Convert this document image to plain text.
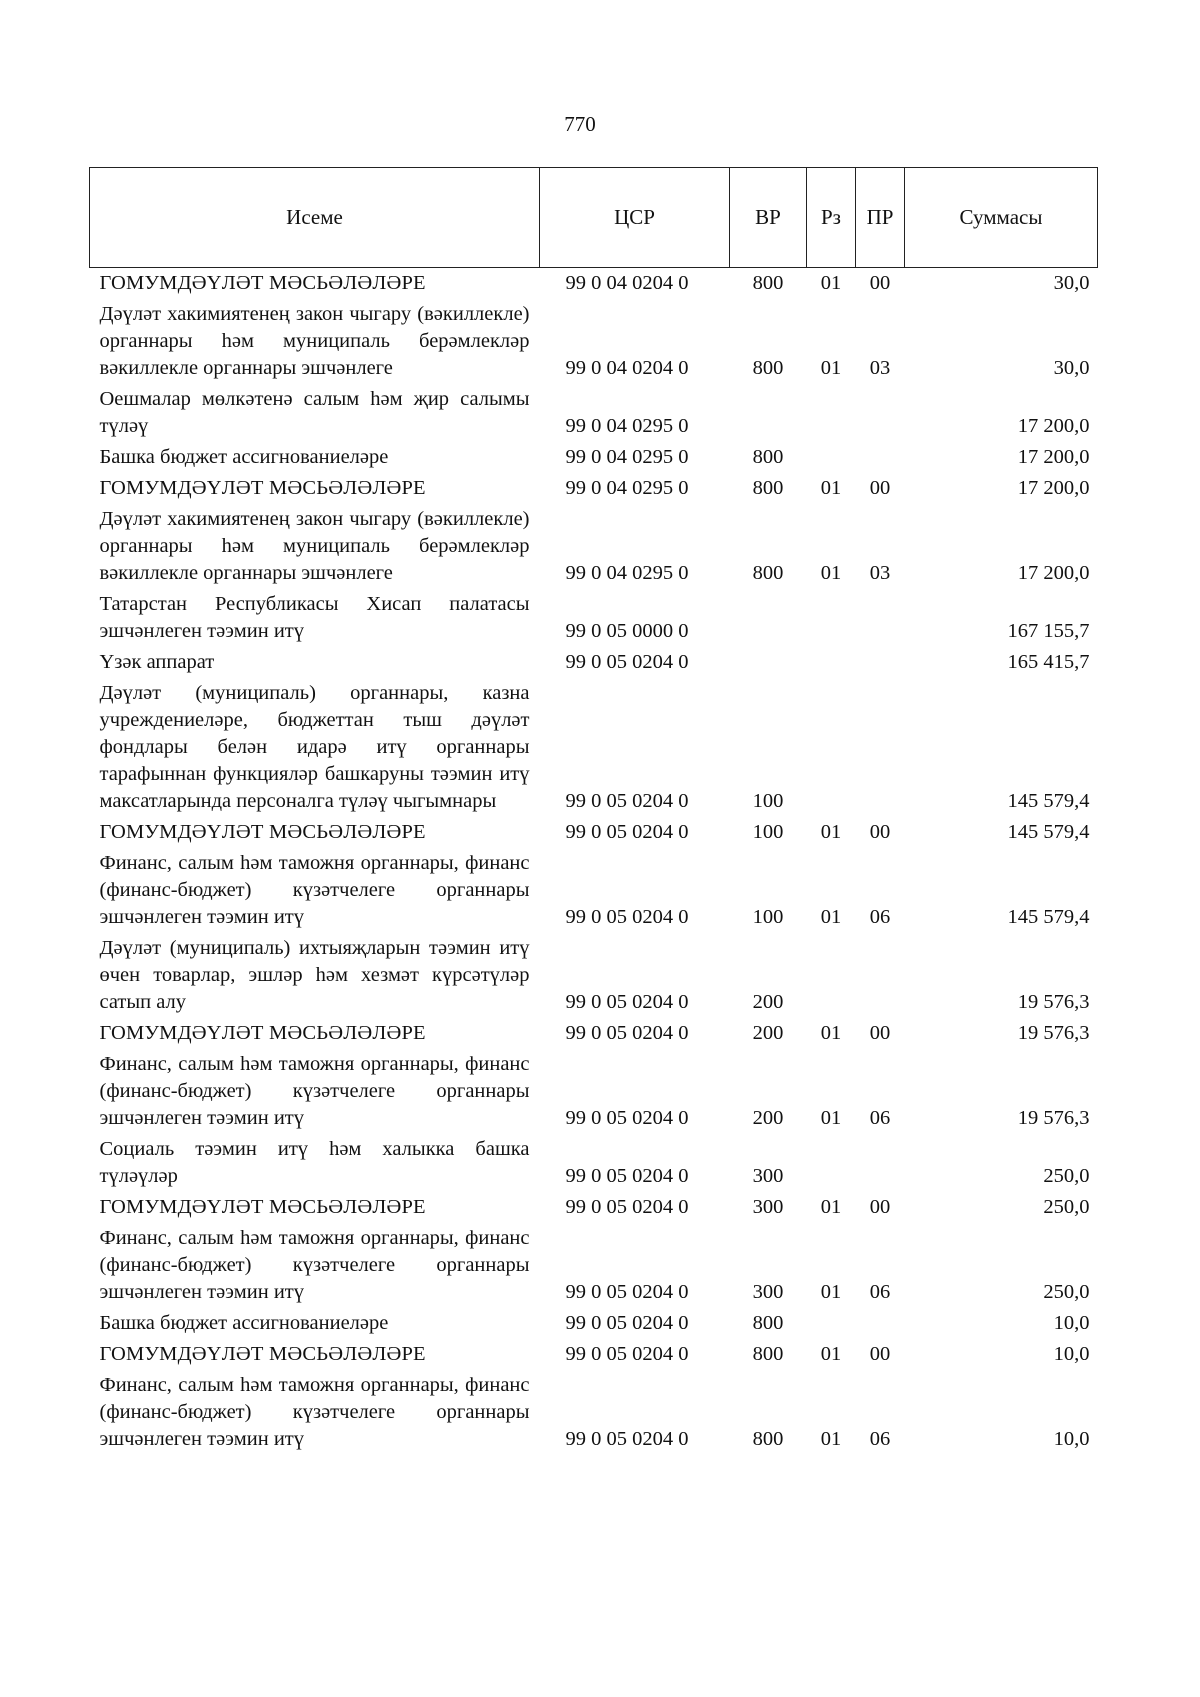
770
Исеме	ЦСР	ВР	Рз	ПР	Суммасы
ГОМУМДӘҮЛӘТ МӘСЬӘЛӘЛӘРЕ	99 0 04 0204 0	800	01	00	30,0
Дәүләт хакимиятенең закон чыгару (вәкиллекле) органнары һәм муниципаль берәмлекләр вәкиллекле органнары эшчәнлеге	99 0 04 0204 0	800	01	03	30,0
Оешмалар мөлкәтенә салым һәм җир салымы түләү	99 0 04 0295 0				17 200,0
Башка бюджет ассигнованиеләре	99 0 04 0295 0	800			17 200,0
ГОМУМДӘҮЛӘТ МӘСЬӘЛӘЛӘРЕ	99 0 04 0295 0	800	01	00	17 200,0
Дәүләт хакимиятенең закон чыгару (вәкиллекле) органнары һәм муниципаль берәмлекләр вәкиллекле органнары эшчәнлеге	99 0 04 0295 0	800	01	03	17 200,0
Татарстан Республикасы Хисап палатасы эшчәнлеген тәэмин итү	99 0 05 0000 0				167 155,7
Үзәк аппарат	99 0 05 0204 0				165 415,7
Дәүләт (муниципаль) органнары, казна учреждениеләре, бюджеттан тыш дәүләт фондлары белән идарә итү органнары тарафыннан функцияләр башкаруны тәэмин итү максатларында персоналга түләү чыгымнары	99 0 05 0204 0	100			145 579,4
ГОМУМДӘҮЛӘТ МӘСЬӘЛӘЛӘРЕ	99 0 05 0204 0	100	01	00	145 579,4
Финанс, салым һәм таможня органнары, финанс (финанс-бюджет) күзәтчелеге органнары эшчәнлеген тәэмин итү	99 0 05 0204 0	100	01	06	145 579,4
Дәүләт (муниципаль) ихтыяҗларын тәэмин итү өчен товарлар, эшләр һәм хезмәт күрсәтүләр сатып алу	99 0 05 0204 0	200			19 576,3
ГОМУМДӘҮЛӘТ МӘСЬӘЛӘЛӘРЕ	99 0 05 0204 0	200	01	00	19 576,3
Финанс, салым һәм таможня органнары, финанс (финанс-бюджет) күзәтчелеге органнары эшчәнлеген тәэмин итү	99 0 05 0204 0	200	01	06	19 576,3
Социаль тәэмин итү һәм халыкка башка түләүләр	99 0 05 0204 0	300			250,0
ГОМУМДӘҮЛӘТ МӘСЬӘЛӘЛӘРЕ	99 0 05 0204 0	300	01	00	250,0
Финанс, салым һәм таможня органнары, финанс (финанс-бюджет) күзәтчелеге органнары эшчәнлеген тәэмин итү	99 0 05 0204 0	300	01	06	250,0
Башка бюджет ассигнованиеләре	99 0 05 0204 0	800			10,0
ГОМУМДӘҮЛӘТ МӘСЬӘЛӘЛӘРЕ	99 0 05 0204 0	800	01	00	10,0
Финанс, салым һәм таможня органнары, финанс (финанс-бюджет) күзәтчелеге органнары эшчәнлеген тәэмин итү	99 0 05 0204 0	800	01	06	10,0
